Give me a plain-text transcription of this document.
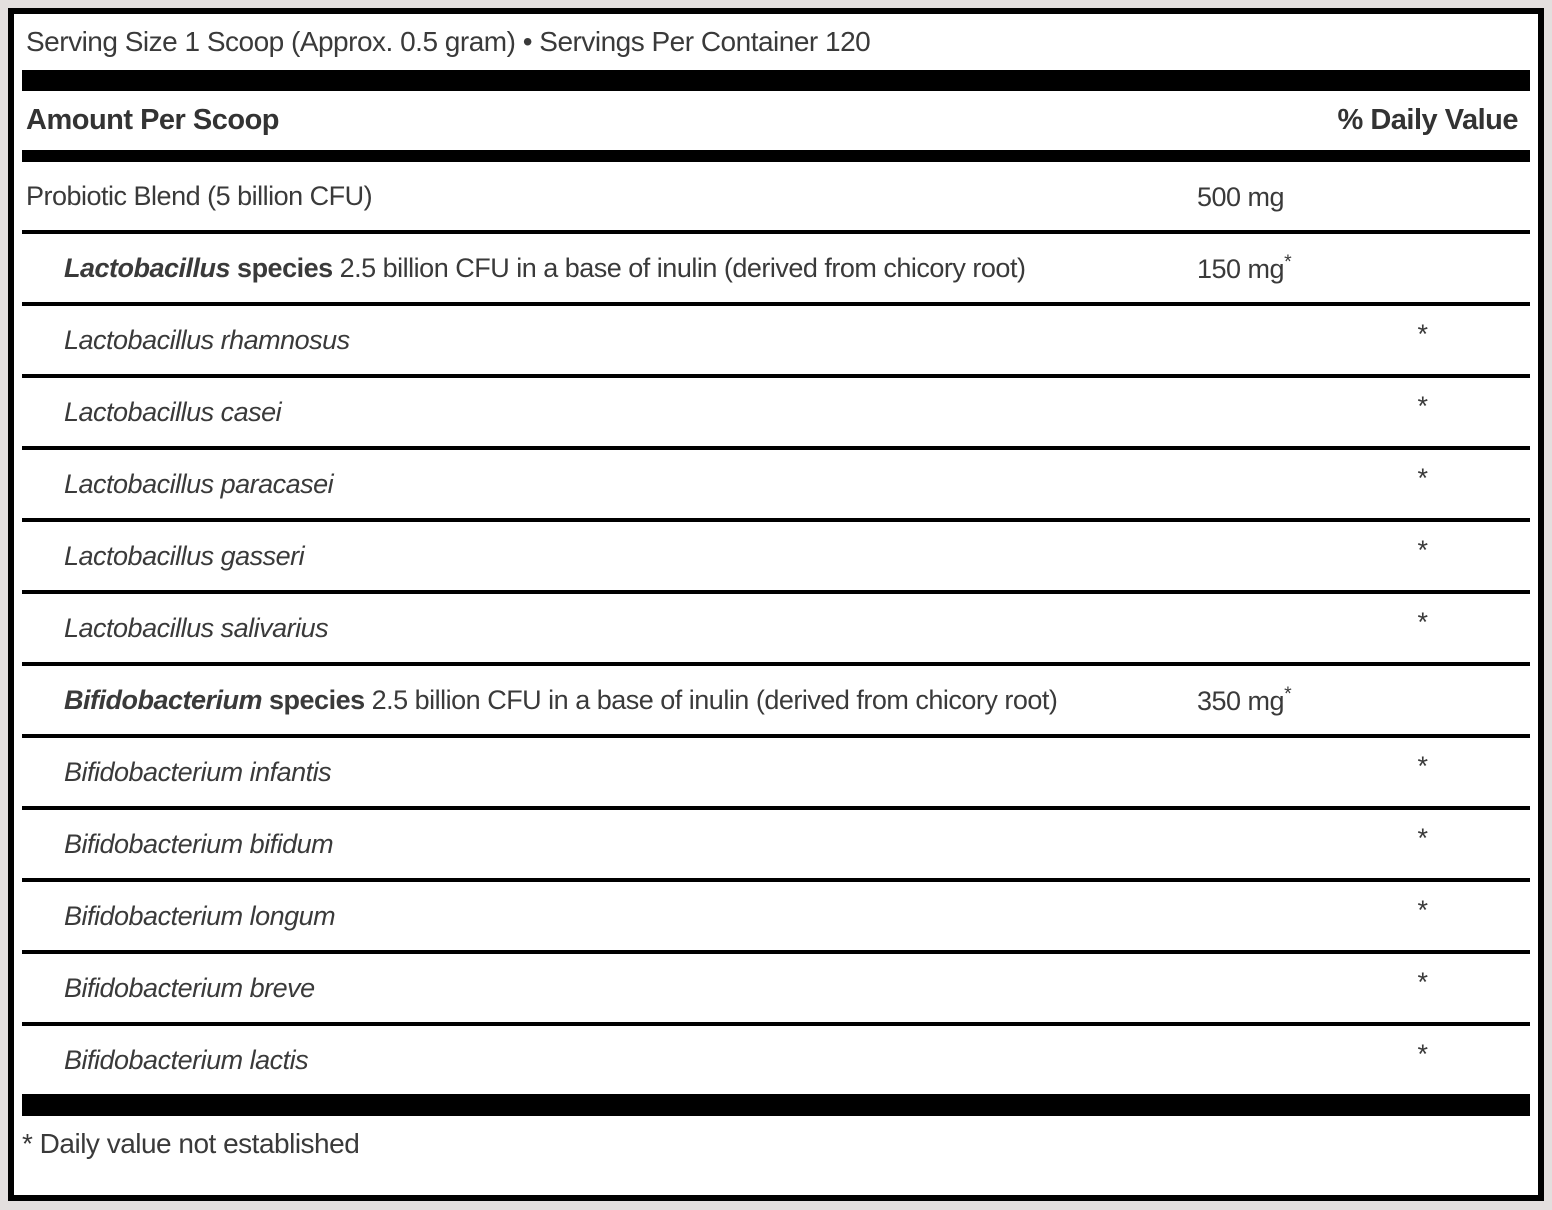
Serving Size 1 Scoop (Approx. 0.5 gram) • Servings Per Container 120
Amount Per Scoop	% Daily Value
Probiotic Blend (5 billion CFU)	500 mg
Lactobacillus species 2.5 billion CFU in a base of inulin (derived from chicory root)	150 mg*
Lactobacillus rhamnosus	*
Lactobacillus casei	*
Lactobacillus paracasei	*
Lactobacillus gasseri	*
Lactobacillus salivarius	*
Bifidobacterium species 2.5 billion CFU in a base of inulin (derived from chicory root)	350 mg*
Bifidobacterium infantis	*
Bifidobacterium bifidum	*
Bifidobacterium longum	*
Bifidobacterium breve	*
Bifidobacterium lactis	*
* Daily value not established
